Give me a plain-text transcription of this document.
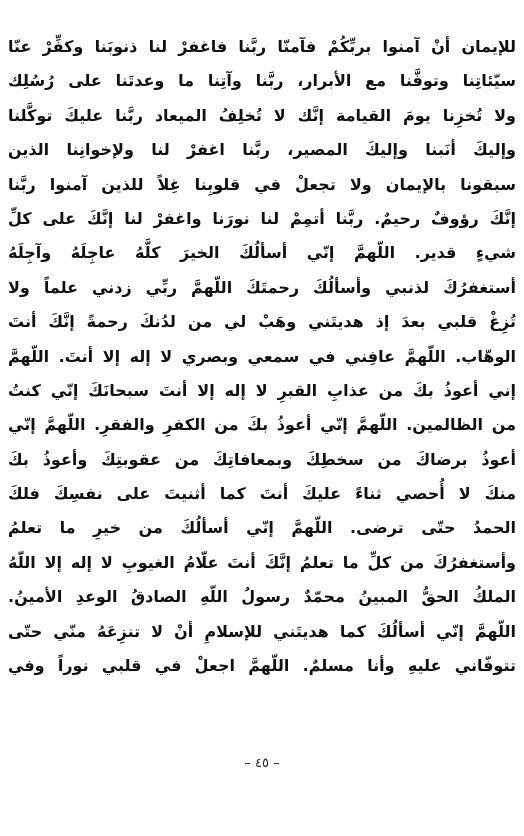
للإيمان أنْ آمنوا بربِّكُمْ فآمنّا ربَّنا فاغفرْ لنا ذنوبَنا وكفِّرْ عنّا
سيّئاتِنا وتوفَّنا مع الأبرار، ربَّنا وآتِنا ما وعدتَنا على رُسُلِك
ولا تُخزِنا يومَ القيامة إنَّك لا تُخلِفُ الميعاد ربَّنا عليكَ توكَّلنا
وإليكَ أنَبنا وإليكَ المصير، ربَّنا اغفرْ لنا ولإخوانِنا الذين
سبقونا بالإيمان ولا تجعلْ في قلوبِنا غِلاً للذين آمنوا ربَّنا
إنَّكَ رؤوفٌ رحيمٌ. ربَّنا أتمِمْ لنا نورَنا واغفرْ لنا إنَّكَ على كلِّ
شيءٍ قدير. اللّهمَّ إنّي أسألُكَ الخيرَ كلَّهُ عاجِلَهُ وآجِلَهُ
أستغفرُكَ لذنبي وأسألُكَ رحمتَكَ اللّهمَّ ربِّي زدني علماً ولا
تُزِغْ قلبي بعدَ إذ هديتَني وهَبْ لي من لدُنكَ رحمةً إنَّكَ أنتَ
الوهّاب. اللّهمَّ عافِني في سمعي وبصري لا إله إلا أنتَ. اللّهمَّ
إني أعوذُ بكَ من عذابِ القبرِ لا إله إلا أنتَ سبحانَكَ إنّي كنتُ
من الظالمين. اللّهمَّ إنّي أعوذُ بكَ من الكفرِ والفقرِ. اللّهمَّ إنّي
أعوذُ برضاكَ من سخطِكَ وبمعافاتِكَ من عقوبتِكَ وأعوذُ بكَ
منكَ لا أُحصي ثناءً عليكَ أنتَ كما أثنيتَ على نفسِكَ فلكَ
الحمدُ حتّى ترضى. اللّهمَّ إنّي أسألُكَ من خيرِ ما تعلمُ
وأستغفرُكَ من كلِّ ما تعلمُ إنَّكَ أنتَ علّامُ الغيوبِ لا إله إلا اللّهُ
الملكُ الحقُّ المبينُ محمّدٌ رسولُ اللّهِ الصادقُ الوعدِ الأمينُ.
اللّهمَّ إنّي أسألُكَ كما هديتَني للإسلامِ أنْ لا تنزِعَهُ منّي حتّى
تتوفّاني عليهِ وأنا مسلمٌ. اللّهمَّ اجعلْ في قلبي نوراً وفي
– ٤٥ –
